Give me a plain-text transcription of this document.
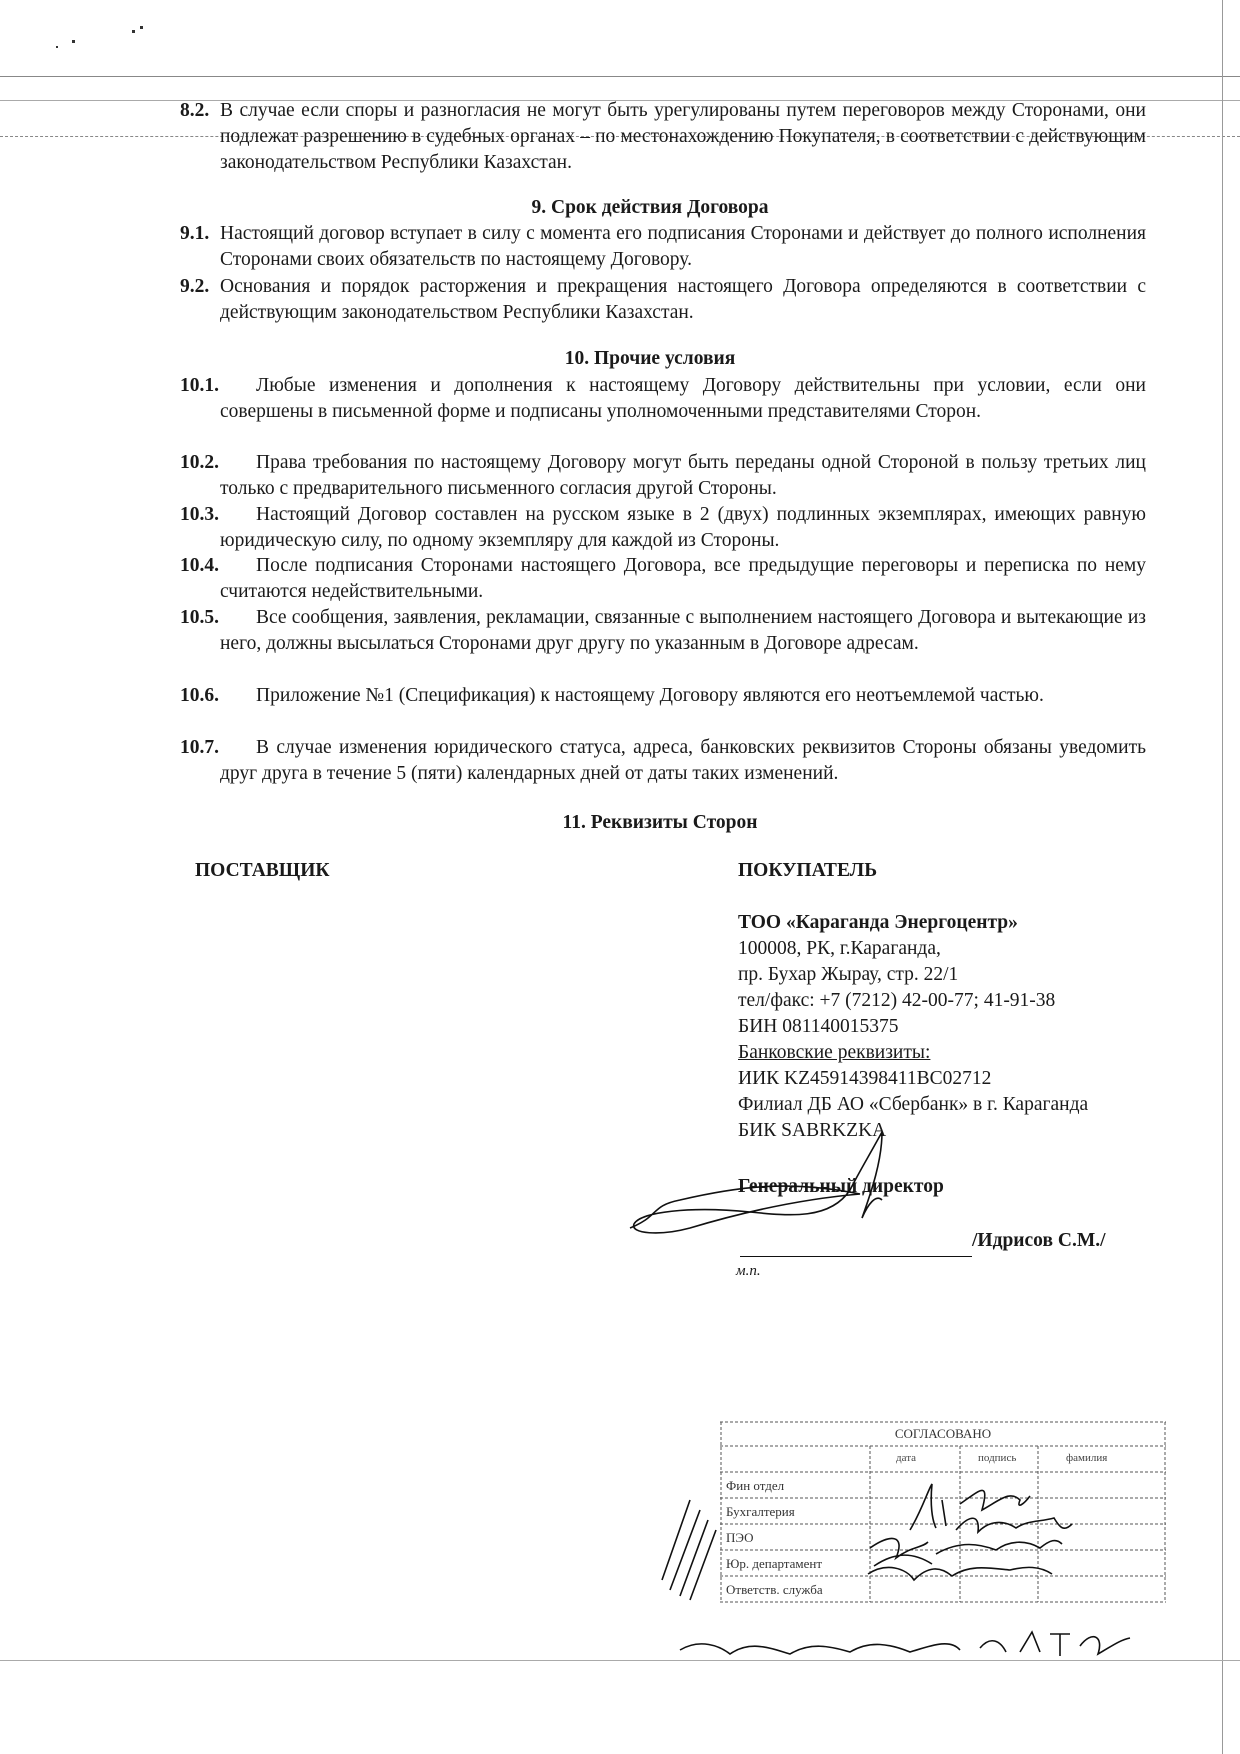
8.2. В случае если споры и разногласия не могут быть урегулированы путем переговоров между Сторонами, они подлежат разрешению в судебных органах – по местонахождению Покупателя, в соответствии с действующим законодательством Республики Казахстан.
9. Срок действия Договора
9.1. Настоящий договор вступает в силу с момента его подписания Сторонами и действует до полного исполнения Сторонами своих обязательств по настоящему Договору.
9.2. Основания и порядок расторжения и прекращения настоящего Договора определяются в соответствии с действующим законодательством Республики Казахстан.
10. Прочие условия
10.1.	Любые изменения и дополнения к настоящему Договору действительны при условии, если они совершены в письменной форме и подписаны уполномоченными представителями Сторон.
10.2.	Права требования по настоящему Договору могут быть переданы одной Стороной в пользу третьих лиц только с предварительного письменного согласия другой Стороны.
10.3.	Настоящий Договор составлен на русском языке в 2 (двух) подлинных экземплярах, имеющих равную юридическую силу, по одному экземпляру для каждой из Стороны.
10.4.	После подписания Сторонами настоящего Договора, все предыдущие переговоры и переписка по нему считаются недействительными.
10.5.	Все сообщения, заявления, рекламации, связанные с выполнением настоящего Договора и вытекающие из него, должны высылаться Сторонами друг другу по указанным в Договоре адресам.
10.6.	Приложение №1 (Спецификация) к настоящему Договору являются его неотъемлемой частью.
10.7.	В случае изменения юридического статуса, адреса, банковских реквизитов Стороны обязаны уведомить друг друга в течение 5 (пяти) календарных дней от даты таких изменений.
11. Реквизиты Сторон
ПОСТАВЩИК	ПОКУПАТЕЛЬ
ТОО «Караганда Энергоцентр»
100008, РК, г.Караганда,
пр. Бухар Жырау, стр. 22/1
тел/факс: +7 (7212) 42-00-77; 41-91-38
БИН 081140015375
Банковские реквизиты:
ИИК KZ45914398411BC02712
Филиал ДБ АО «Сбербанк» в г. Караганда
БИК SABRKZKA
Генеральный директор
/Идрисов С.М./
м.п.
СОГЛАСОВАНО
дата	подпись	фамилия
Фин отдел
Бухгалтерия
ПЭО
Юр. департамент
Ответств. служба
